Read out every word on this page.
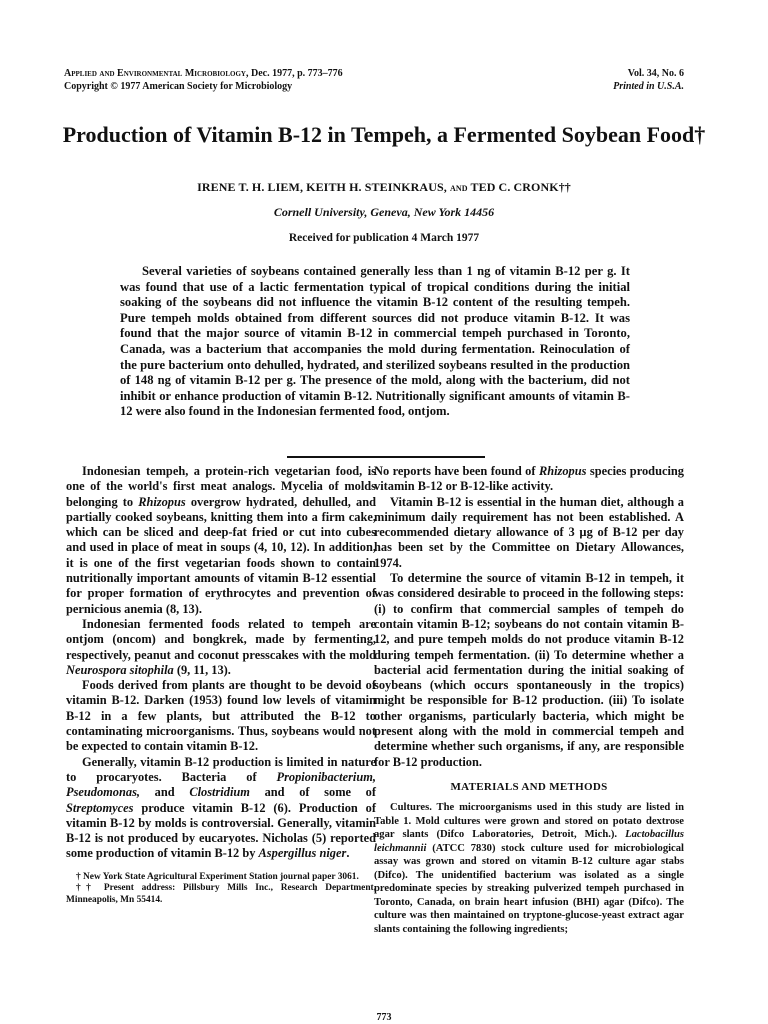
Applied and Environmental Microbiology, Dec. 1977, p. 773–776
Copyright © 1977 American Society for Microbiology
Vol. 34, No. 6
Printed in U.S.A.
Production of Vitamin B-12 in Tempeh, a Fermented Soybean Food†
IRENE T. H. LIEM, KEITH H. STEINKRAUS, and TED C. CRONK††
Cornell University, Geneva, New York 14456
Received for publication 4 March 1977

Several varieties of soybeans contained generally less than 1 ng of vitamin B-12 per g. It was found that use of a lactic fermentation typical of tropical conditions during the initial soaking of the soybeans did not influence the vitamin B-12 content of the resulting tempeh. Pure tempeh molds obtained from different sources did not produce vitamin B-12. It was found that the major source of vitamin B-12 in commercial tempeh purchased in Toronto, Canada, was a bacterium that accompanies the mold during fermentation. Reinoculation of the pure bacterium onto dehulled, hydrated, and sterilized soybeans resulted in the production of 148 ng of vitamin B-12 per g. The presence of the mold, along with the bacterium, did not inhibit or enhance production of vitamin B-12. Nutritionally significant amounts of vitamin B-12 were also found in the Indonesian fermented food, ontjom.

Indonesian tempeh, a protein-rich vegetarian food, is one of the world's first meat analogs. Mycelia of molds belonging to Rhizopus overgrow hydrated, dehulled, and partially cooked soybeans, knitting them into a firm cake, which can be sliced and deep-fat fried or cut into cubes and used in place of meat in soups (4, 10, 12). In addition, it is one of the first vegetarian foods shown to contain nutritionally important amounts of vitamin B-12 essential for proper formation of erythrocytes and prevention of pernicious anemia (8, 13).

Indonesian fermented foods related to tempeh are ontjom (oncom) and bongkrek, made by fermenting, respectively, peanut and coconut presscakes with the mold Neurospora sitophila (9, 11, 13).

Foods derived from plants are thought to be devoid of vitamin B-12. Darken (1953) found low levels of vitamin B-12 in a few plants, but attributed the B-12 to contaminating microorganisms. Thus, soybeans would not be expected to contain vitamin B-12.

Generally, vitamin B-12 production is limited in nature to procaryotes. Bacteria of Propionibacterium, Pseudomonas, and Clostridium and of some of Streptomyces produce vitamin B-12 (6). Production of vitamin B-12 by molds is controversial. Generally, vitamin B-12 is not produced by eucaryotes. Nicholas (5) reported some production of vitamin B-12 by Aspergillus niger.

† New York State Agricultural Experiment Station journal paper 3061.

†† Present address: Pillsbury Mills Inc., Research Department, Minneapolis, Mn 55414.

No reports have been found of Rhizopus species producing vitamin B-12 or B-12-like activity.

Vitamin B-12 is essential in the human diet, although a minimum daily requirement has not been established. A recommended dietary allowance of 3 µg of B-12 per day has been set by the Committee on Dietary Allowances, 1974.

To determine the source of vitamin B-12 in tempeh, it was considered desirable to proceed in the following steps: (i) to confirm that commercial samples of tempeh do contain vitamin B-12; soybeans do not contain vitamin B-12, and pure tempeh molds do not produce vitamin B-12 during tempeh fermentation. (ii) To determine whether a bacterial acid fermentation during the initial soaking of soybeans (which occurs spontaneously in the tropics) might be responsible for B-12 production. (iii) To isolate other organisms, particularly bacteria, which might be present along with the mold in commercial tempeh and determine whether such organisms, if any, are responsible for B-12 production.

MATERIALS AND METHODS

Cultures. The microorganisms used in this study are listed in Table 1. Mold cultures were grown and stored on potato dextrose agar slants (Difco Laboratories, Detroit, Mich.). Lactobacillus leichmannii (ATCC 7830) stock culture used for microbiological assay was grown and stored on vitamin B-12 culture agar stabs (Difco). The unidentified bacterium was isolated as a single predominate species by streaking pulverized tempeh purchased in Toronto, Canada, on brain heart infusion (BHI) agar (Difco). The culture was then maintained on tryptone-glucose-yeast extract agar slants containing the following ingredients;

773
